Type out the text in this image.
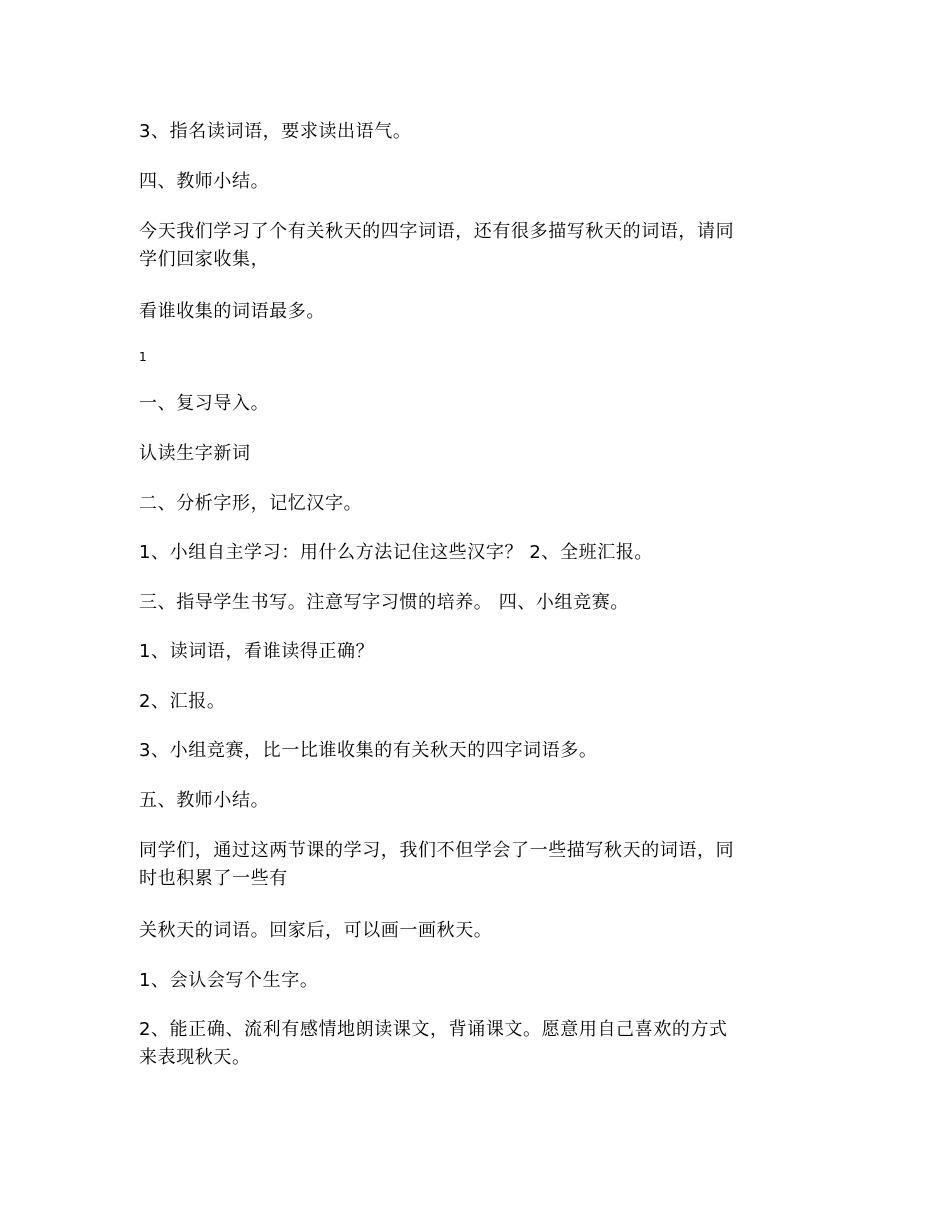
3、指名读词语，要求读出语气。
四、教师小结。
今天我们学习了个有关秋天的四字词语，还有很多描写秋天的词语，请同
学们回家收集，
看谁收集的词语最多。
1
一、复习导入。
认读生字新词
二、分析字形，记忆汉字。
1、小组自主学习：用什么方法记住这些汉字？ 2、全班汇报。
三、指导学生书写。注意写字习惯的培养。 四、小组竞赛。
1、读词语，看谁读得正确？
2、汇报。
3、小组竞赛，比一比谁收集的有关秋天的四字词语多。
五、教师小结。
同学们，通过这两节课的学习，我们不但学会了一些描写秋天的词语，同
时也积累了一些有
关秋天的词语。回家后，可以画一画秋天。
1、会认会写个生字。
2、能正确、流利有感情地朗读课文，背诵课文。愿意用自己喜欢的方式
来表现秋天。
